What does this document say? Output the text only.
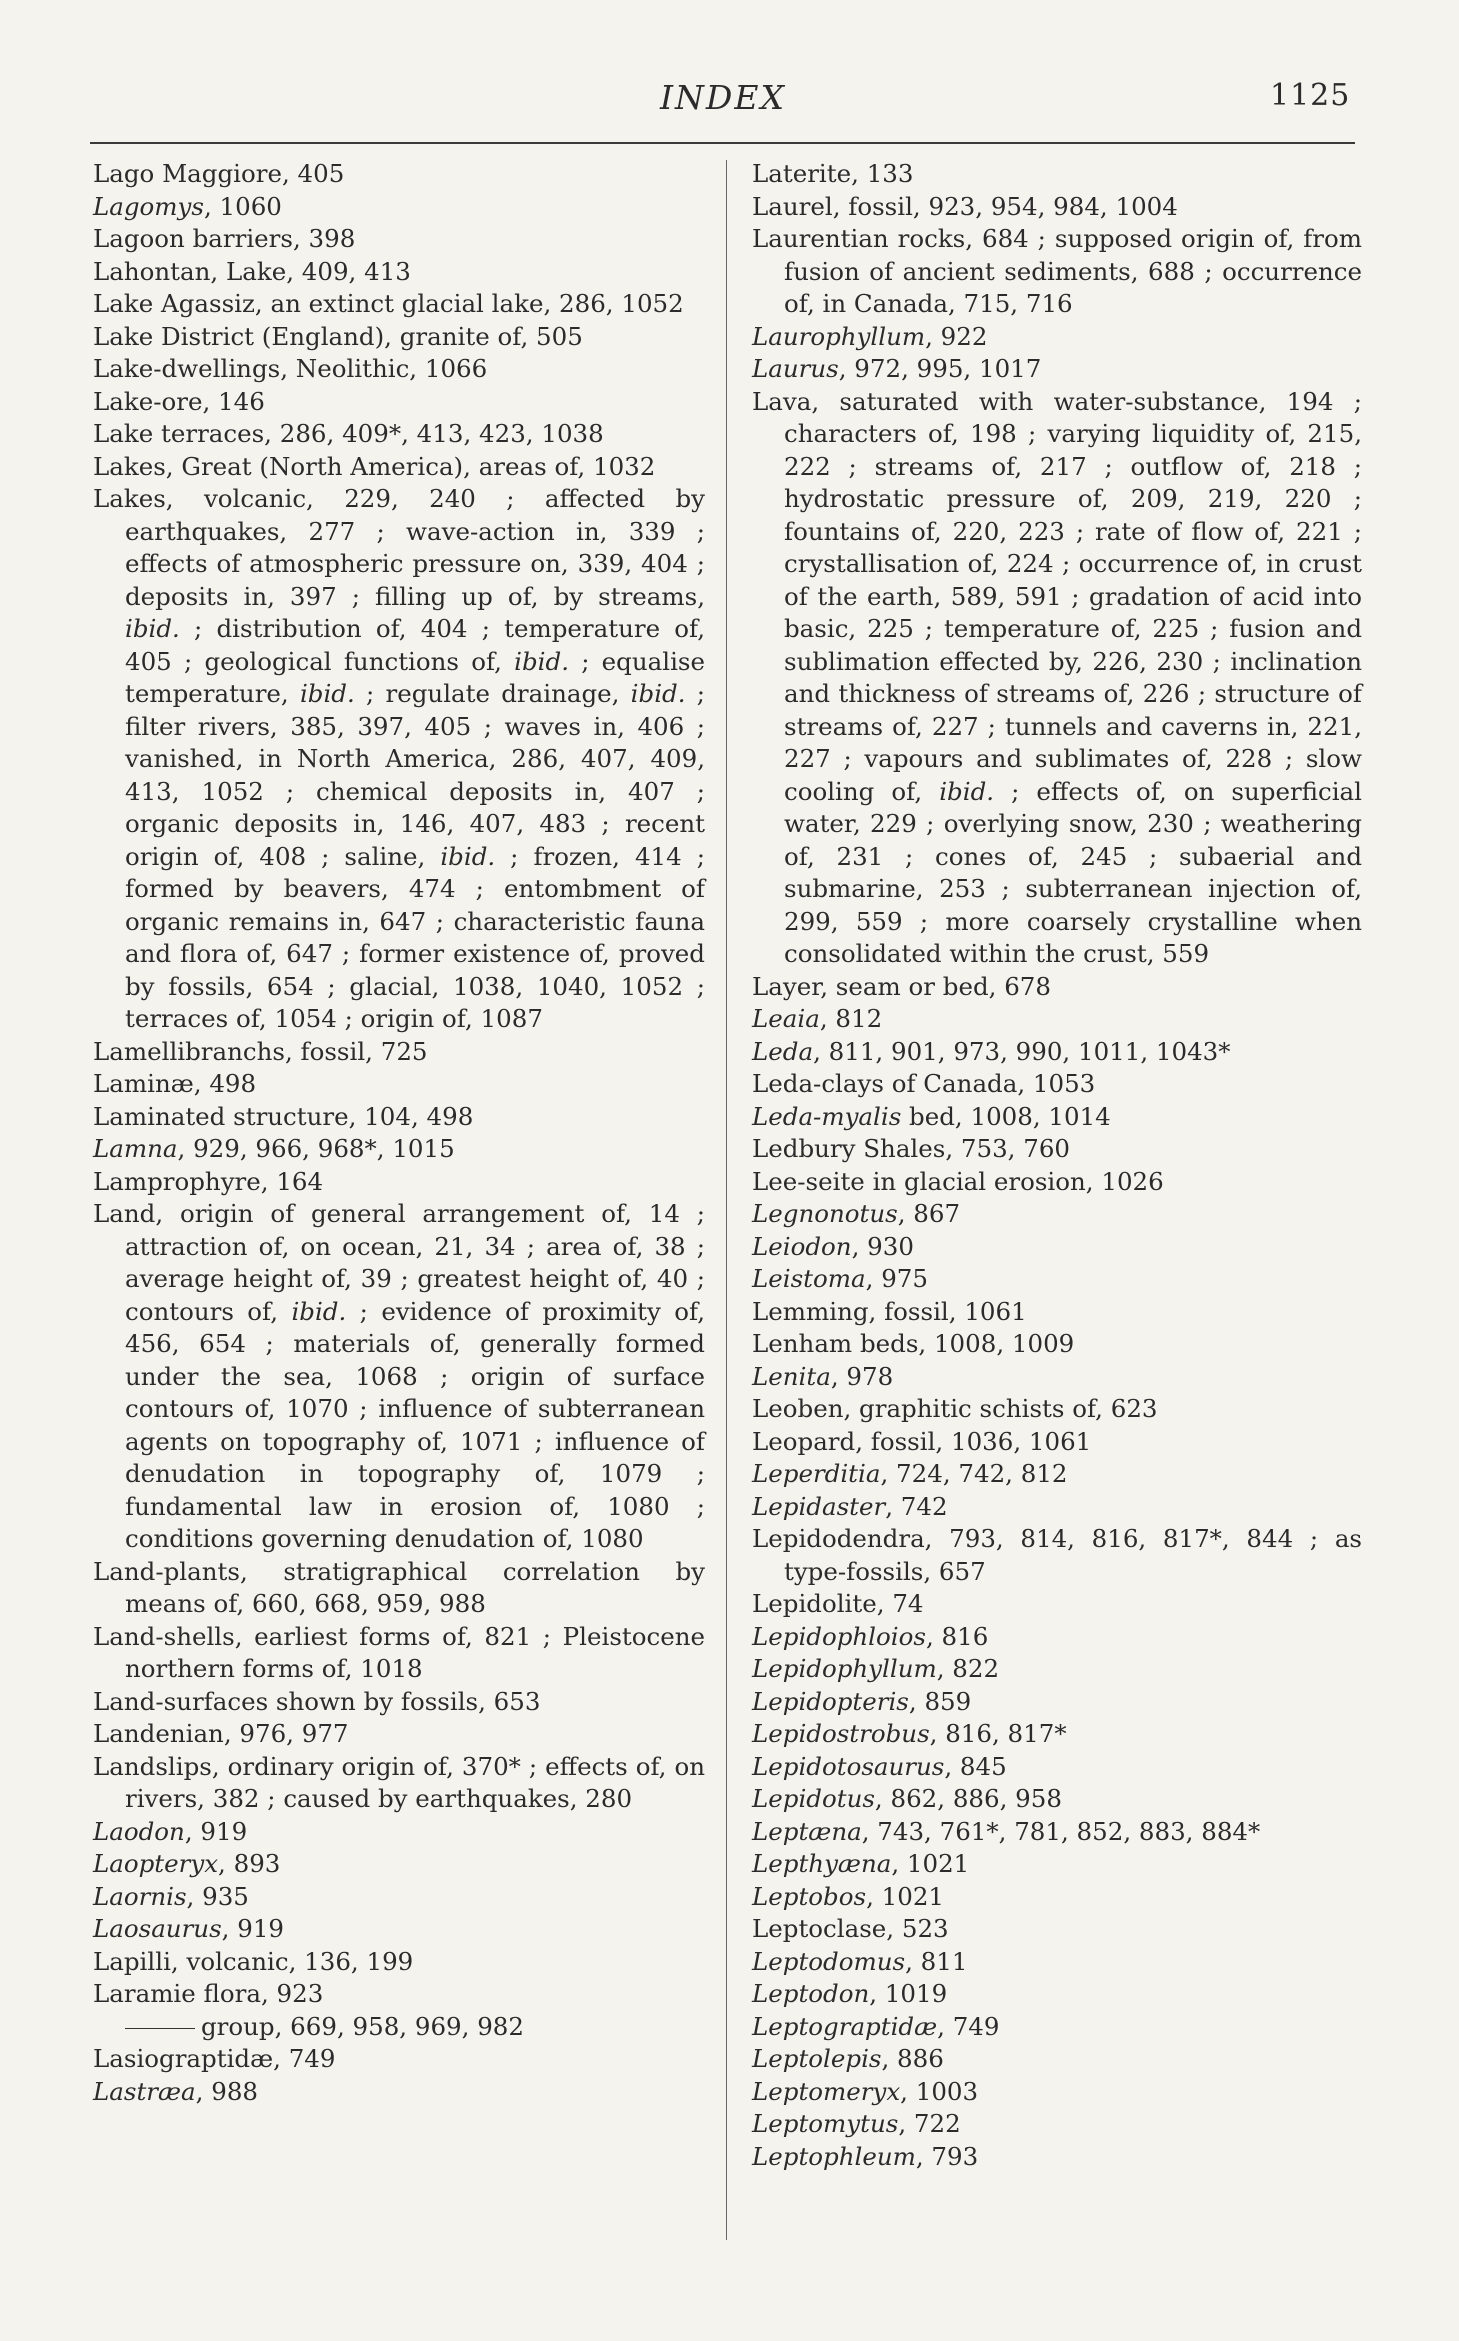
INDEX	1125

Lago Maggiore, 405

Lagomys, 1060

Lagoon barriers, 398

Lahontan, Lake, 409, 413

Lake Agassiz, an extinct glacial lake, 286, 1052

Lake District (England), granite of, 505

Lake-dwellings, Neolithic, 1066

Lake-ore, 146

Lake terraces, 286, 409*, 413, 423, 1038

Lakes, Great (North America), areas of, 1032

Lakes, volcanic, 229, 240 ; affected by earthquakes, 277 ; wave-action in, 339 ; effects of atmospheric pressure on, 339, 404 ; deposits in, 397 ; filling up of, by streams, ibid. ; distribution of, 404 ; temperature of, 405 ; geological functions of, ibid. ; equalise temperature, ibid. ; regulate drainage, ibid. ; filter rivers, 385, 397, 405 ; waves in, 406 ; vanished, in North America, 286, 407, 409, 413, 1052 ; chemical deposits in, 407 ; organic deposits in, 146, 407, 483 ; recent origin of, 408 ; saline, ibid. ; frozen, 414 ; formed by beavers, 474 ; entombment of organic remains in, 647 ; characteristic fauna and flora of, 647 ; former existence of, proved by fossils, 654 ; glacial, 1038, 1040, 1052 ; terraces of, 1054 ; origin of, 1087

Lamellibranchs, fossil, 725

Laminæ, 498

Laminated structure, 104, 498

Lamna, 929, 966, 968*, 1015

Lamprophyre, 164

Land, origin of general arrangement of, 14 ; attraction of, on ocean, 21, 34 ; area of, 38 ; average height of, 39 ; greatest height of, 40 ; contours of, ibid. ; evidence of proximity of, 456, 654 ; materials of, generally formed under the sea, 1068 ; origin of surface contours of, 1070 ; influence of subterranean agents on topography of, 1071 ; influence of denudation in topography of, 1079 ; fundamental law in erosion of, 1080 ; conditions governing denudation of, 1080

Land-plants, stratigraphical correlation by means of, 660, 668, 959, 988

Land-shells, earliest forms of, 821 ; Pleistocene northern forms of, 1018

Land-surfaces shown by fossils, 653

Landenian, 976, 977

Landslips, ordinary origin of, 370* ; effects of, on rivers, 382 ; caused by earthquakes, 280

Laodon, 919

Laopteryx, 893

Laornis, 935

Laosaurus, 919

Lapilli, volcanic, 136, 199

Laramie flora, 923

group, 669, 958, 969, 982

Lasiograptidæ, 749

Lastræa, 988

Laterite, 133

Laurel, fossil, 923, 954, 984, 1004

Laurentian rocks, 684 ; supposed origin of, from fusion of ancient sediments, 688 ; occurrence of, in Canada, 715, 716

Laurophyllum, 922

Laurus, 972, 995, 1017

Lava, saturated with water-substance, 194 ; characters of, 198 ; varying liquidity of, 215, 222 ; streams of, 217 ; outflow of, 218 ; hydrostatic pressure of, 209, 219, 220 ; fountains of, 220, 223 ; rate of flow of, 221 ; crystallisation of, 224 ; occurrence of, in crust of the earth, 589, 591 ; gradation of acid into basic, 225 ; temperature of, 225 ; fusion and sublimation effected by, 226, 230 ; inclination and thickness of streams of, 226 ; structure of streams of, 227 ; tunnels and caverns in, 221, 227 ; vapours and sublimates of, 228 ; slow cooling of, ibid. ; effects of, on superficial water, 229 ; overlying snow, 230 ; weathering of, 231 ; cones of, 245 ; subaerial and submarine, 253 ; subterranean injection of, 299, 559 ; more coarsely crystalline when consolidated within the crust, 559

Layer, seam or bed, 678

Leaia, 812

Leda, 811, 901, 973, 990, 1011, 1043*

Leda-clays of Canada, 1053

Leda-myalis bed, 1008, 1014

Ledbury Shales, 753, 760

Lee-seite in glacial erosion, 1026

Legnonotus, 867

Leiodon, 930

Leistoma, 975

Lemming, fossil, 1061

Lenham beds, 1008, 1009

Lenita, 978

Leoben, graphitic schists of, 623

Leopard, fossil, 1036, 1061

Leperditia, 724, 742, 812

Lepidaster, 742

Lepidodendra, 793, 814, 816, 817*, 844 ; as type-fossils, 657

Lepidolite, 74

Lepidophloios, 816

Lepidophyllum, 822

Lepidopteris, 859

Lepidostrobus, 816, 817*

Lepidotosaurus, 845

Lepidotus, 862, 886, 958

Leptæna, 743, 761*, 781, 852, 883, 884*

Lepthyæna, 1021

Leptobos, 1021

Leptoclase, 523

Leptodomus, 811

Leptodon, 1019

Leptograptidæ, 749

Leptolepis, 886

Leptomeryx, 1003

Leptomytus, 722

Leptophleum, 793
